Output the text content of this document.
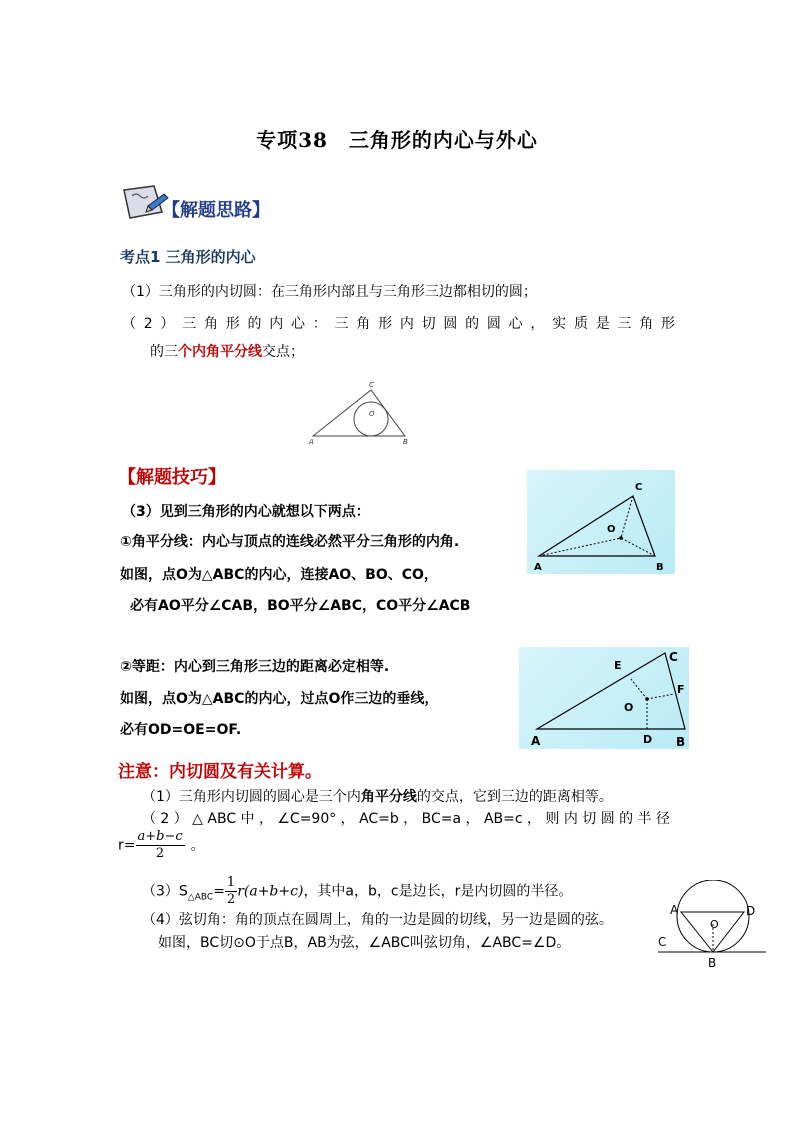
专项38　三角形的内心与外心
【解题思路】
考点1 三角形的内心
（1）三角形的内切圆：在三角形内部且与三角形三边都相切的圆；
（2）三角形的内心：三角形内切圆的圆心，实质是三角形
的三个内角平分线交点；
A	B
C
O
【解题技巧】
（3）见到三角形的内心就想以下两点：
①角平分线：内心与顶点的连线必然平分三角形的内角.
如图，点O为△ABC的内心，连接AO、BO、CO，
必有AO平分∠CAB，BO平分∠ABC，CO平分∠ACB
A	B
C
O
②等距：内心到三角形三边的距离必定相等.
如图，点O为△ABC的内心，过点O作三边的垂线，
必有OD=OE=OF.
A	B
C
D
E
F
O
注意：内切圆及有关计算。
（1）三角形内切圆的圆心是三个内角平分线的交点，它到三边的距离相等。
（2）△ABC中，∠C=90°，AC=b，BC=a，AB=c，则内切圆的半径
$r= \frac{a+b-c}{2}$ 。
$(3)S_{\triangle ABC}= \frac{1}{2} r(a+b+c)$，其中a，b，c是边长，r是内切圆的半径。
（4）弦切角：角的顶点在圆周上，角的一边是圆的切线，另一边是圆的弦。
如图，BC切⊙O于点B，AB为弦，∠ABC叫弦切角，∠ABC=∠D。
A	D
C
B
O
